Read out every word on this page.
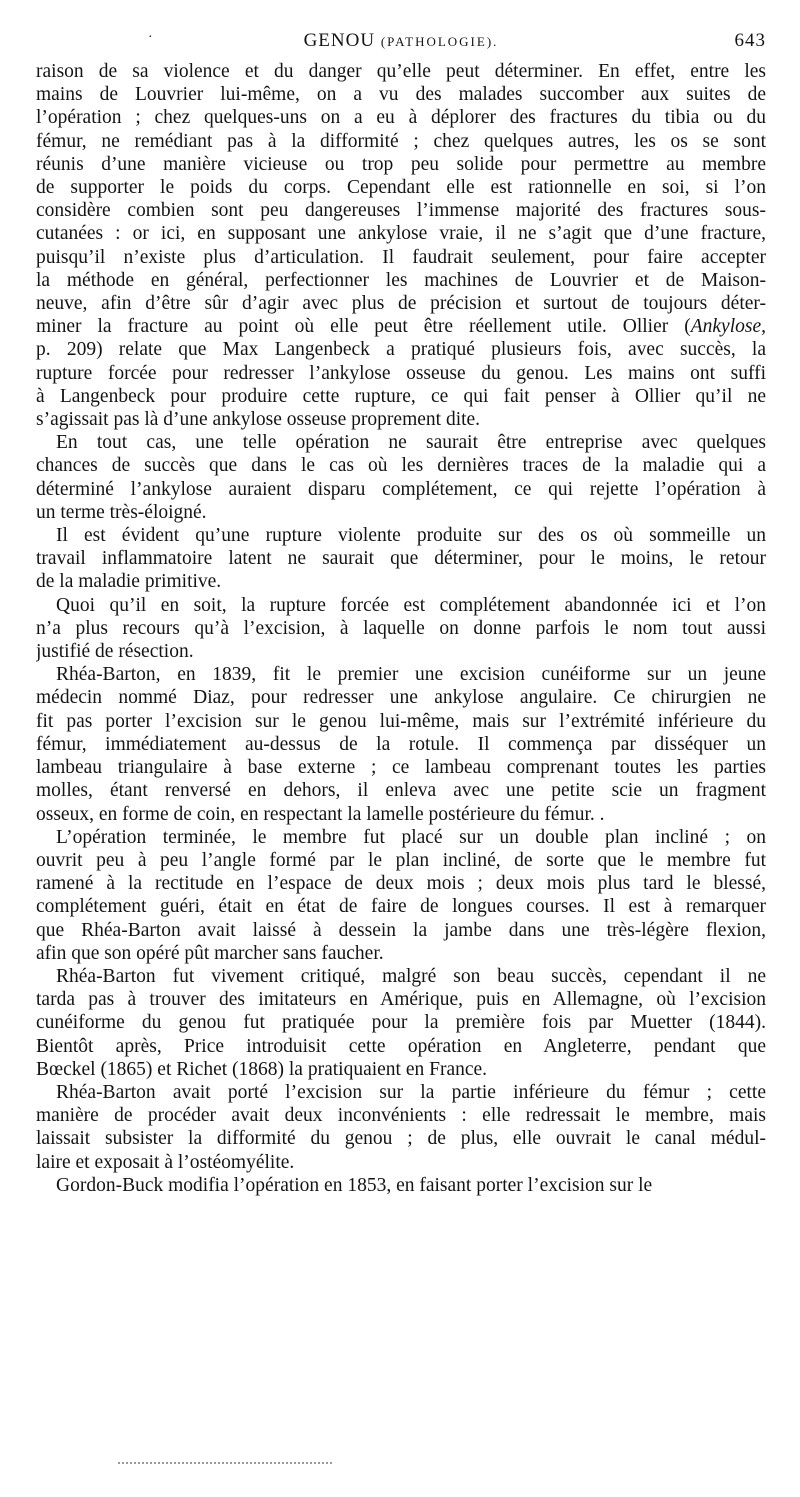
·	GENOU (PATHOLOGIE).	643
raison de sa violence et du danger qu’elle peut déterminer. En effet, entre les
mains de Louvrier lui-même, on a vu des malades succomber aux suites de
l’opération ; chez quelques-uns on a eu à déplorer des fractures du tibia ou du
fémur, ne remédiant pas à la difformité ; chez quelques autres, les os se sont
réunis d’une manière vicieuse ou trop peu solide pour permettre au membre
de supporter le poids du corps. Cependant elle est rationnelle en soi, si l’on
considère combien sont peu dangereuses l’immense majorité des fractures sous-
cutanées : or ici, en supposant une ankylose vraie, il ne s’agit que d’une fracture,
puisqu’il n’existe plus d’articulation. Il faudrait seulement, pour faire accepter
la méthode en général, perfectionner les machines de Louvrier et de Maison-
neuve, afin d’être sûr d’agir avec plus de précision et surtout de toujours déter-
miner la fracture au point où elle peut être réellement utile. Ollier (Ankylose,
p. 209) relate que Max Langenbeck a pratiqué plusieurs fois, avec succès, la
rupture forcée pour redresser l’ankylose osseuse du genou. Les mains ont suffi
à Langenbeck pour produire cette rupture, ce qui fait penser à Ollier qu’il ne
s’agissait pas là d’une ankylose osseuse proprement dite.
En tout cas, une telle opération ne saurait être entreprise avec quelques
chances de succès que dans le cas où les dernières traces de la maladie qui a
déterminé l’ankylose auraient disparu complétement, ce qui rejette l’opération à
un terme très-éloigné.
Il est évident qu’une rupture violente produite sur des os où sommeille un
travail inflammatoire latent ne saurait que déterminer, pour le moins, le retour
de la maladie primitive.
Quoi qu’il en soit, la rupture forcée est complétement abandonnée ici et l’on
n’a plus recours qu’à l’excision, à laquelle on donne parfois le nom tout aussi
justifié de résection.
Rhéa-Barton, en 1839, fit le premier une excision cunéiforme sur un jeune
médecin nommé Diaz, pour redresser une ankylose angulaire. Ce chirurgien ne
fit pas porter l’excision sur le genou lui-même, mais sur l’extrémité inférieure du
fémur, immédiatement au-dessus de la rotule. Il commença par disséquer un
lambeau triangulaire à base externe ; ce lambeau comprenant toutes les parties
molles, étant renversé en dehors, il enleva avec une petite scie un fragment
osseux, en forme de coin, en respectant la lamelle postérieure du fémur. .
L’opération terminée, le membre fut placé sur un double plan incliné ; on
ouvrit peu à peu l’angle formé par le plan incliné, de sorte que le membre fut
ramené à la rectitude en l’espace de deux mois ; deux mois plus tard le blessé,
complétement guéri, était en état de faire de longues courses. Il est à remarquer
que Rhéa-Barton avait laissé à dessein la jambe dans une très-légère flexion,
afin que son opéré pût marcher sans faucher.
Rhéa-Barton fut vivement critiqué, malgré son beau succès, cependant il ne
tarda pas à trouver des imitateurs en Amérique, puis en Allemagne, où l’excision
cunéiforme du genou fut pratiquée pour la première fois par Muetter (1844).
Bientôt après, Price introduisit cette opération en Angleterre, pendant que
Bœckel (1865) et Richet (1868) la pratiquaient en France.
Rhéa-Barton avait porté l’excision sur la partie inférieure du fémur ; cette
manière de procéder avait deux inconvénients : elle redressait le membre, mais
laissait subsister la difformité du genou ; de plus, elle ouvrait le canal médul-
laire et exposait à l’ostéomyélite.
Gordon-Buck modifia l’opération en 1853, en faisant porter l’excision sur le
